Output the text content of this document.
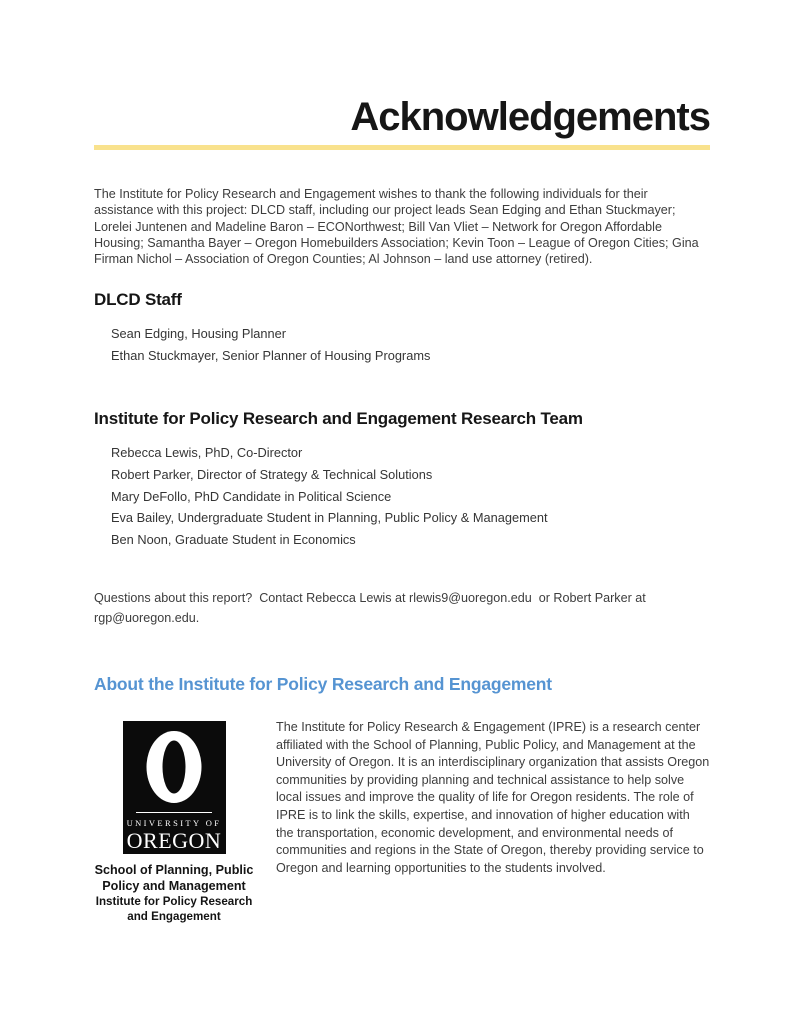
Acknowledgements

The Institute for Policy Research and Engagement wishes to thank the following individuals for their assistance with this project: DLCD staff, including our project leads Sean Edging and Ethan Stuckmayer; Lorelei Juntenen and Madeline Baron – ECONorthwest; Bill Van Vliet – Network for Oregon Affordable Housing; Samantha Bayer – Oregon Homebuilders Association; Kevin Toon – League of Oregon Cities; Gina Firman Nichol – Association of Oregon Counties; Al Johnson – land use attorney (retired).

DLCD Staff
Sean Edging, Housing Planner
Ethan Stuckmayer, Senior Planner of Housing Programs
Institute for Policy Research and Engagement Research Team
Rebecca Lewis, PhD, Co-Director
Robert Parker, Director of Strategy & Technical Solutions
Mary DeFollo, PhD Candidate in Political Science
Eva Bailey, Undergraduate Student in Planning, Public Policy & Management
Ben Noon, Graduate Student in Economics

Questions about this report?  Contact Rebecca Lewis at rlewis9@uoregon.edu  or Robert Parker at rgp@uoregon.edu.

About the Institute for Policy Research and Engagement
UNIVERSITY OF
OREGON
School of Planning, Public Policy and Management
Institute for Policy Research and Engagement

The Institute for Policy Research & Engagement (IPRE) is a research center affiliated with the School of Planning, Public Policy, and Management at the University of Oregon. It is an interdisciplinary organization that assists Oregon communities by providing planning and technical assistance to help solve local issues and improve the quality of life for Oregon residents. The role of IPRE is to link the skills, expertise, and innovation of higher education with the transportation, economic development, and environmental needs of communities and regions in the State of Oregon, thereby providing service to Oregon and learning opportunities to the students involved.
